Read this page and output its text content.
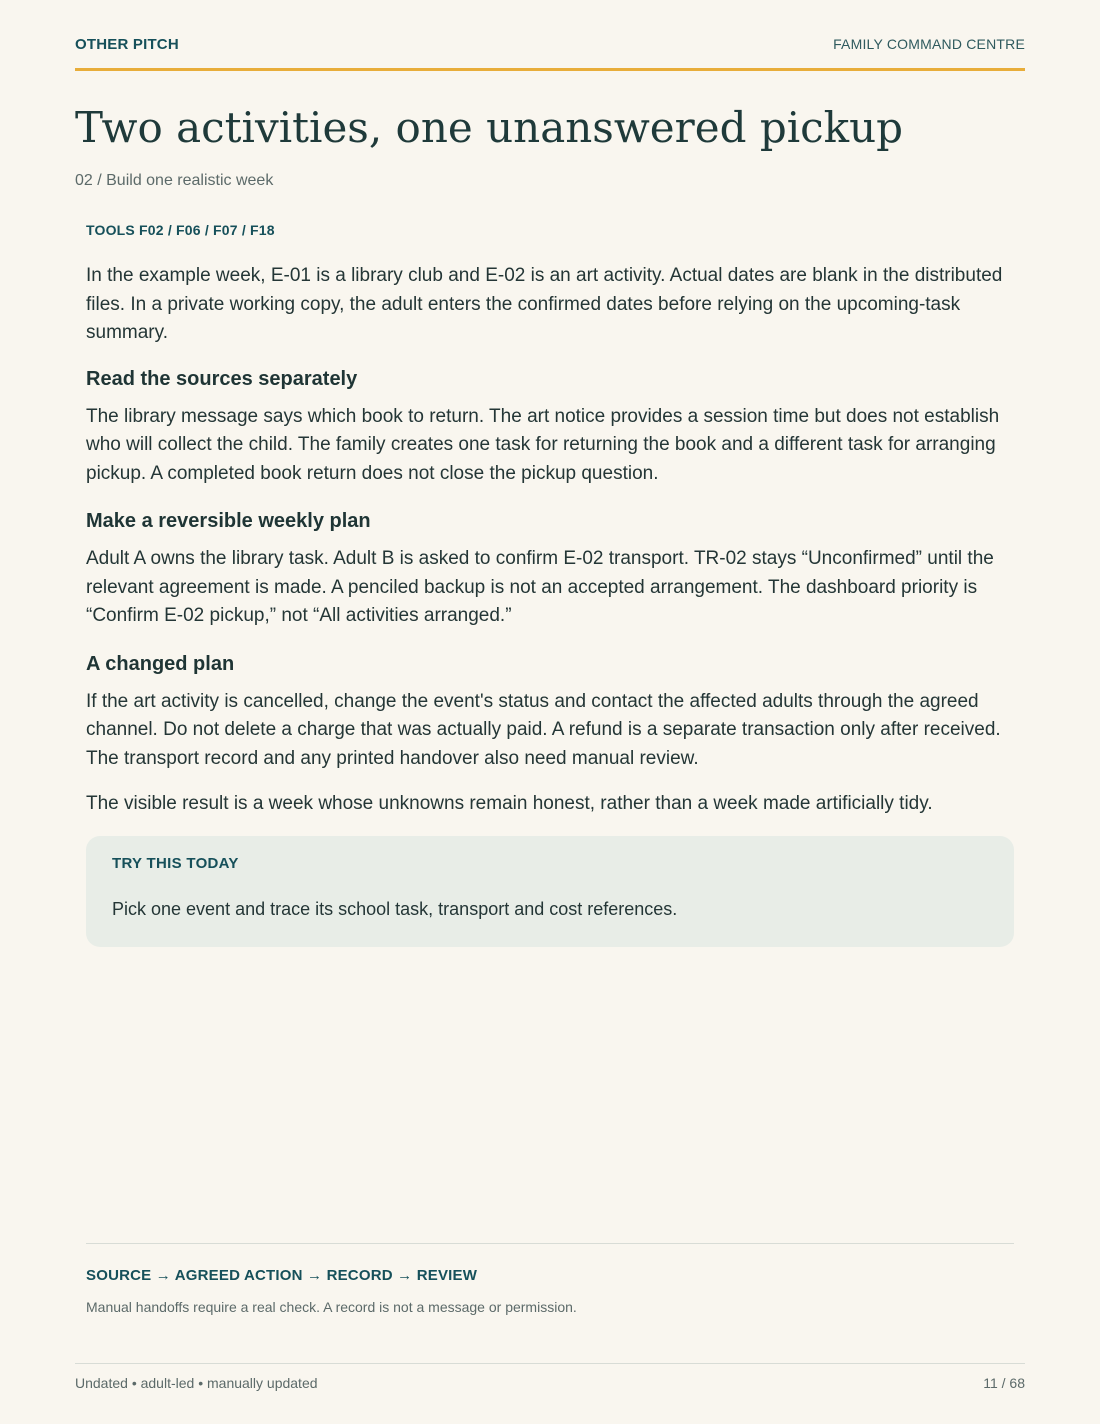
OTHER PITCH	FAMILY COMMAND CENTRE
Two activities, one unanswered pickup
02 / Build one realistic week
TOOLS F02 / F06 / F07 / F18

In the example week, E-01 is a library club and E-02 is an art activity. Actual dates are blank in the distributed files. In a private working copy, the adult enters the confirmed dates before relying on the upcoming-task summary.

Read the sources separately

The library message says which book to return. The art notice provides a session time but does not establish who will collect the child. The family creates one task for returning the book and a different task for arranging pickup. A completed book return does not close the pickup question.

Make a reversible weekly plan

Adult A owns the library task. Adult B is asked to confirm E-02 transport. TR-02 stays “Unconfirmed” until the relevant agreement is made. A penciled backup is not an accepted arrangement. The dashboard priority is “Confirm E-02 pickup,” not “All activities arranged.”

A changed plan

If the art activity is cancelled, change the event's status and contact the affected adults through the agreed channel. Do not delete a charge that was actually paid. A refund is a separate transaction only after received. The transport record and any printed handover also need manual review.

The visible result is a week whose unknowns remain honest, rather than a week made artificially tidy.

TRY THIS TODAY
Pick one event and trace its school task, transport and cost references.
SOURCE → AGREED ACTION → RECORD → REVIEW
Manual handoffs require a real check. A record is not a message or permission.
Undated • adult-led • manually updated	11 / 68
